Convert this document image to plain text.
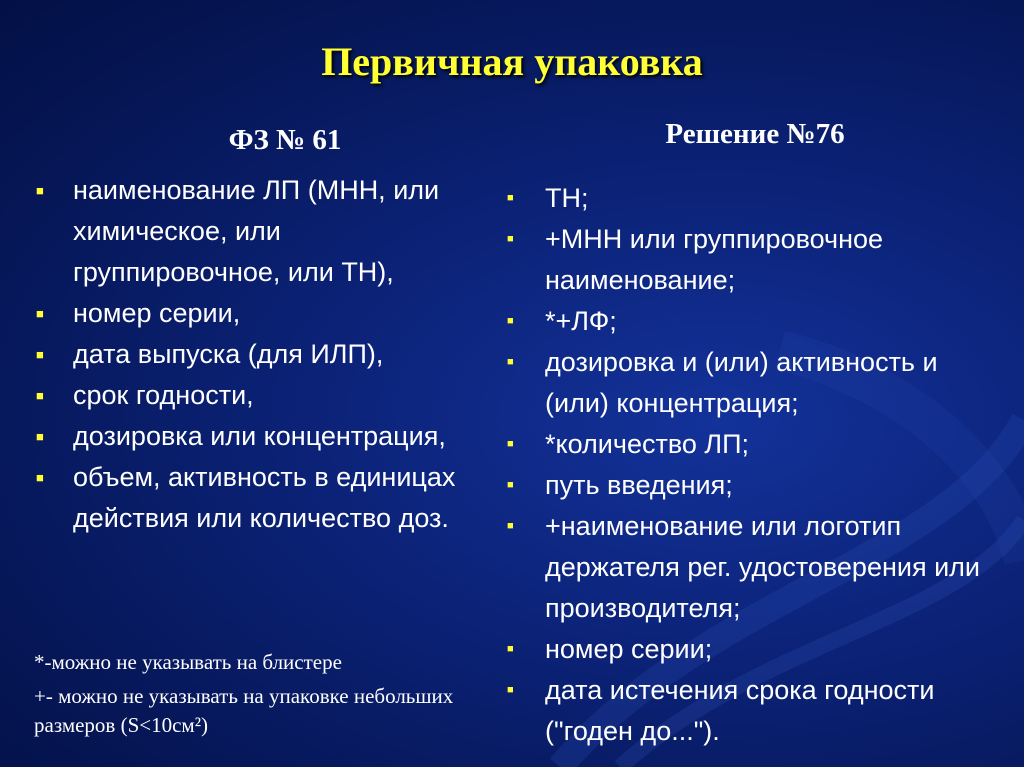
Первичная упаковка
ФЗ № 61	Решение №76
■ наименование ЛП (МНН, или химическое, или группировочное, или ТН),
■ номер серии,
■ дата выпуска (для ИЛП),
■ срок годности,
■ дозировка или концентрация,
■ объем, активность в единицах действия или количество доз.
■ ТН;
■ +МНН или группировочное наименование;
■ *+ЛФ;
■ дозировка и (или) активность и (или) концентрация;
■ *количество ЛП;
■ путь введения;
■ +наименование или логотип держателя рег. удостоверения или производителя;
■ номер серии;
■ дата истечения срока годности ("годен до...").

*-можно не указывать на блистере

+- можно не указывать на упаковке небольших размеров (S<10см²)
